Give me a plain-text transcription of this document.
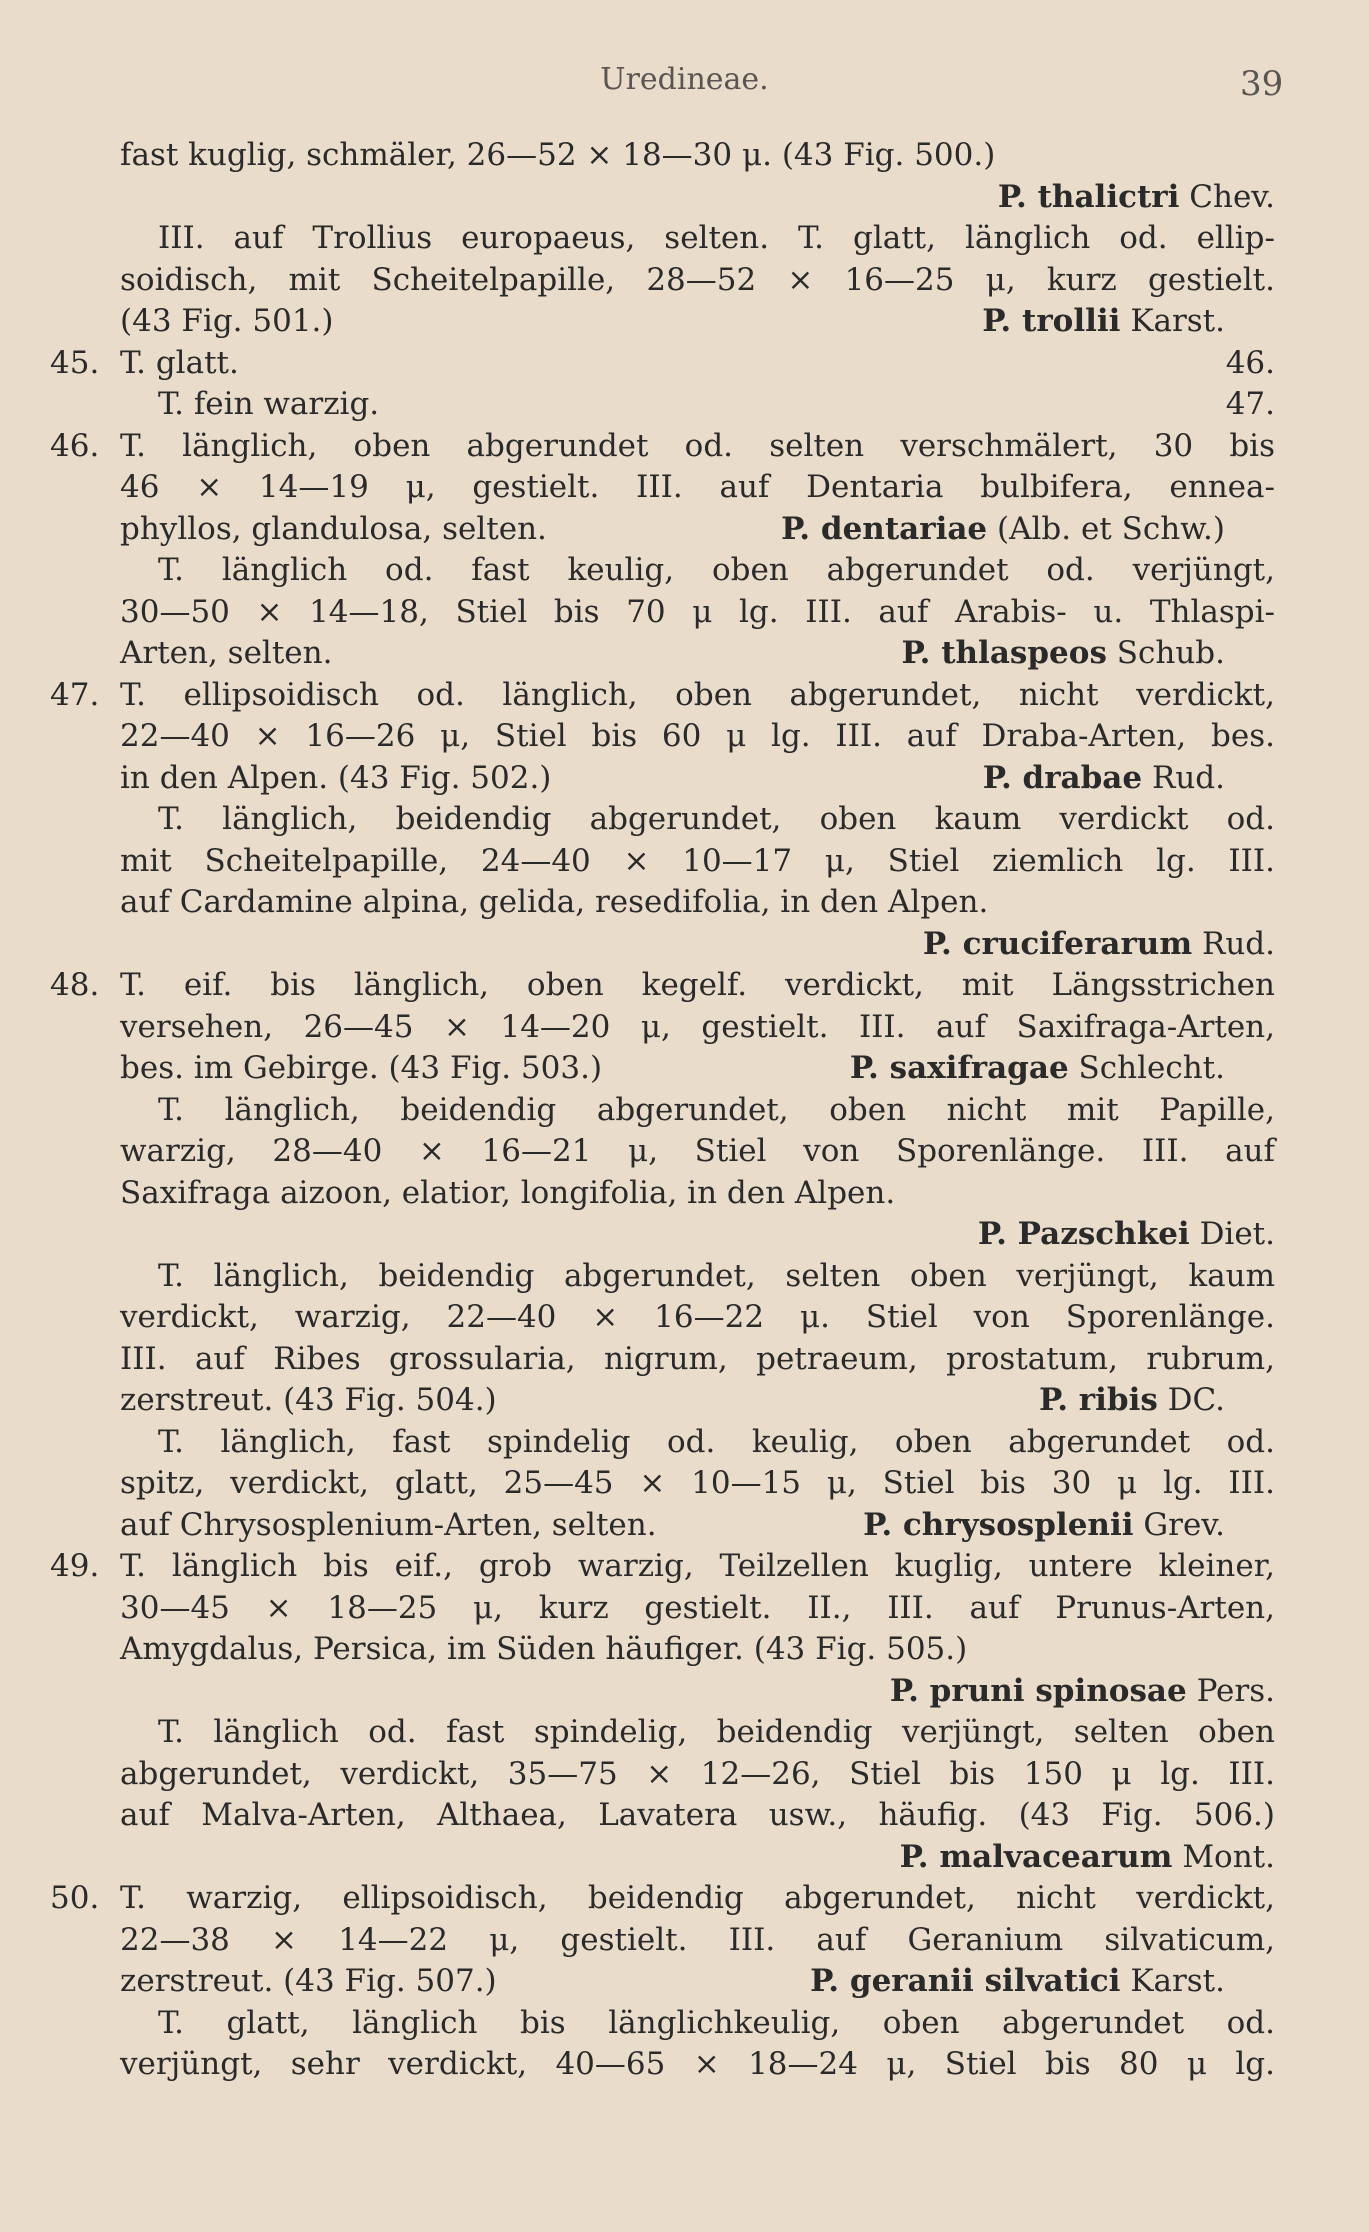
Uredineae.	39
fast kuglig, schmäler, 26—52 × 18—30 μ. (43 Fig. 500.)
P. thalictri Chev.
III. auf Trollius europaeus, selten. T. glatt, länglich od. ellip-
soidisch, mit Scheitelpapille, 28—52 × 16—25 μ, kurz gestielt.
(43 Fig. 501.)	P. trollii Karst.
45. T. glatt.	46.
T. fein warzig.	47.
46. T. länglich, oben abgerundet od. selten verschmälert, 30 bis
46 × 14—19 μ, gestielt. III. auf Dentaria bulbifera, ennea-
phyllos, glandulosa, selten.	P. dentariae (Alb. et Schw.)
T. länglich od. fast keulig, oben abgerundet od. verjüngt,
30—50 × 14—18, Stiel bis 70 μ lg. III. auf Arabis- u. Thlaspi-
Arten, selten.	P. thlaspeos Schub.
47. T. ellipsoidisch od. länglich, oben abgerundet, nicht verdickt,
22—40 × 16—26 μ, Stiel bis 60 μ lg. III. auf Draba-Arten, bes.
in den Alpen. (43 Fig. 502.)	P. drabae Rud.
T. länglich, beidendig abgerundet, oben kaum verdickt od.
mit Scheitelpapille, 24—40 × 10—17 μ, Stiel ziemlich lg. III.
auf Cardamine alpina, gelida, resedifolia, in den Alpen.
P. cruciferarum Rud.
48. T. eif. bis länglich, oben kegelf. verdickt, mit Längsstrichen
versehen, 26—45 × 14—20 μ, gestielt. III. auf Saxifraga-Arten,
bes. im Gebirge. (43 Fig. 503.)	P. saxifragae Schlecht.
T. länglich, beidendig abgerundet, oben nicht mit Papille,
warzig, 28—40 × 16—21 μ, Stiel von Sporenlänge. III. auf
Saxifraga aizoon, elatior, longifolia, in den Alpen.
P. Pazschkei Diet.
T. länglich, beidendig abgerundet, selten oben verjüngt, kaum
verdickt, warzig, 22—40 × 16—22 μ. Stiel von Sporenlänge.
III. auf Ribes grossularia, nigrum, petraeum, prostatum, rubrum,
zerstreut. (43 Fig. 504.)	P. ribis DC.
T. länglich, fast spindelig od. keulig, oben abgerundet od.
spitz, verdickt, glatt, 25—45 × 10—15 μ, Stiel bis 30 μ lg. III.
auf Chrysosplenium-Arten, selten.	P. chrysosplenii Grev.
49. T. länglich bis eif., grob warzig, Teilzellen kuglig, untere kleiner,
30—45 × 18—25 μ, kurz gestielt. II., III. auf Prunus-Arten,
Amygdalus, Persica, im Süden häufiger. (43 Fig. 505.)
P. pruni spinosae Pers.
T. länglich od. fast spindelig, beidendig verjüngt, selten oben
abgerundet, verdickt, 35—75 × 12—26, Stiel bis 150 μ lg. III.
auf Malva-Arten, Althaea, Lavatera usw., häufig. (43 Fig. 506.)
P. malvacearum Mont.
50. T. warzig, ellipsoidisch, beidendig abgerundet, nicht verdickt,
22—38 × 14—22 μ, gestielt. III. auf Geranium silvaticum,
zerstreut. (43 Fig. 507.)	P. geranii silvatici Karst.
T. glatt, länglich bis länglichkeulig, oben abgerundet od.
verjüngt, sehr verdickt, 40—65 × 18—24 μ, Stiel bis 80 μ lg.
